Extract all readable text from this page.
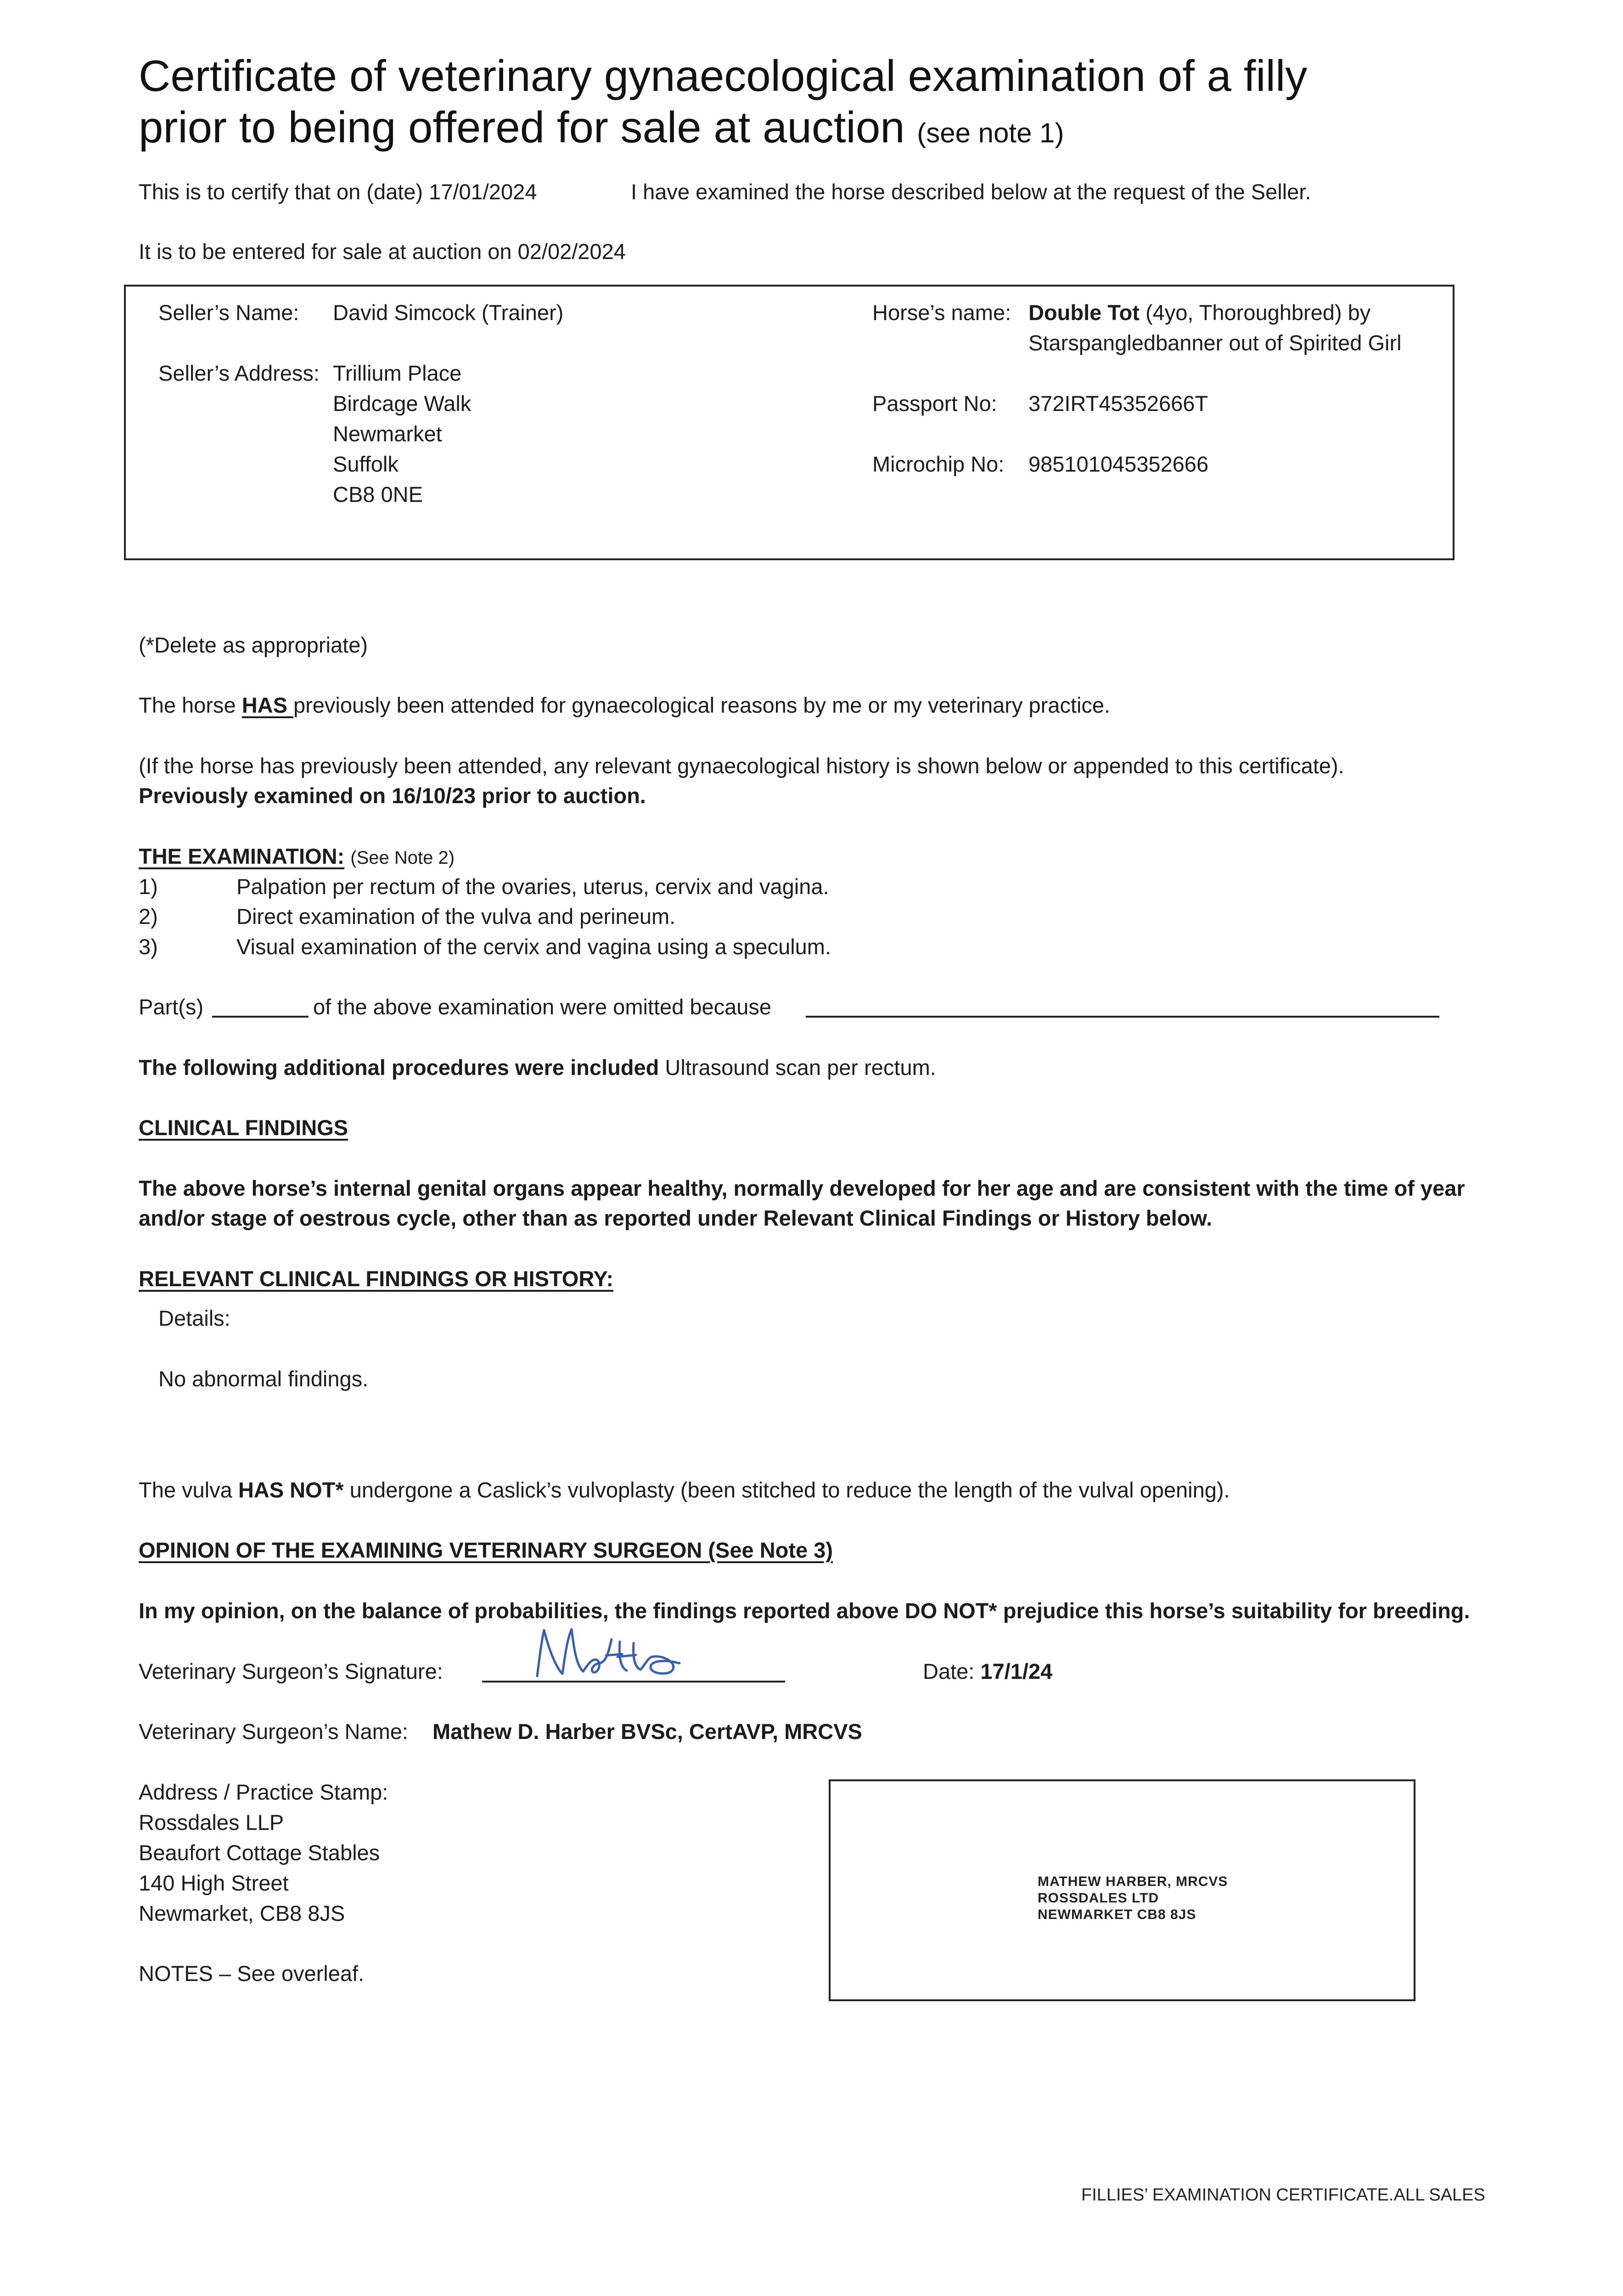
Certificate of veterinary gynaecological examination of a filly
prior to being offered for sale at auction (see note 1)
This is to certify that on (date) 17/01/2024	I have examined the horse described below at the request of the Seller.
It is to be entered for sale at auction on 02/02/2024
Seller’s Name: David Simcock (Trainer)
Seller’s Address: Trillium Place
Birdcage Walk
Newmarket
Suffolk
CB8 0NE
Horse’s name: Double Tot (4yo, Thoroughbred) by
Starspangledbanner out of Spirited Girl
Passport No: 372IRT45352666T
Microchip No: 985101045352666
(*Delete as appropriate)
The horse HAS previously been attended for gynaecological reasons by me or my veterinary practice.
(If the horse has previously been attended, any relevant gynaecological history is shown below or appended to this certificate).
Previously examined on 16/10/23 prior to auction.
THE EXAMINATION: (See Note 2)
1)	Palpation per rectum of the ovaries, uterus, cervix and vagina.
2)	Direct examination of the vulva and perineum.
3)	Visual examination of the cervix and vagina using a speculum.
Part(s)	of the above examination were omitted because
The following additional procedures were included Ultrasound scan per rectum.
CLINICAL FINDINGS
The above horse’s internal genital organs appear healthy, normally developed for her age and are consistent with the time of year
and/or stage of oestrous cycle, other than as reported under Relevant Clinical Findings or History below.
RELEVANT CLINICAL FINDINGS OR HISTORY:
Details:
No abnormal findings.
The vulva HAS NOT* undergone a Caslick’s vulvoplasty (been stitched to reduce the length of the vulval opening).
OPINION OF THE EXAMINING VETERINARY SURGEON (See Note 3)
In my opinion, on the balance of probabilities, the findings reported above DO NOT* prejudice this horse’s suitability for breeding.
Veterinary Surgeon’s Signature:	Date: 17/1/24
Veterinary Surgeon’s Name: Mathew D. Harber BVSc, CertAVP, MRCVS
Address / Practice Stamp:
Rossdales LLP
Beaufort Cottage Stables
140 High Street
Newmarket, CB8 8JS
NOTES – See overleaf.
MATHEW HARBER, MRCVS
ROSSDALES LTD
NEWMARKET CB8 8JS
FILLIES’ EXAMINATION CERTIFICATE.ALL SALES
